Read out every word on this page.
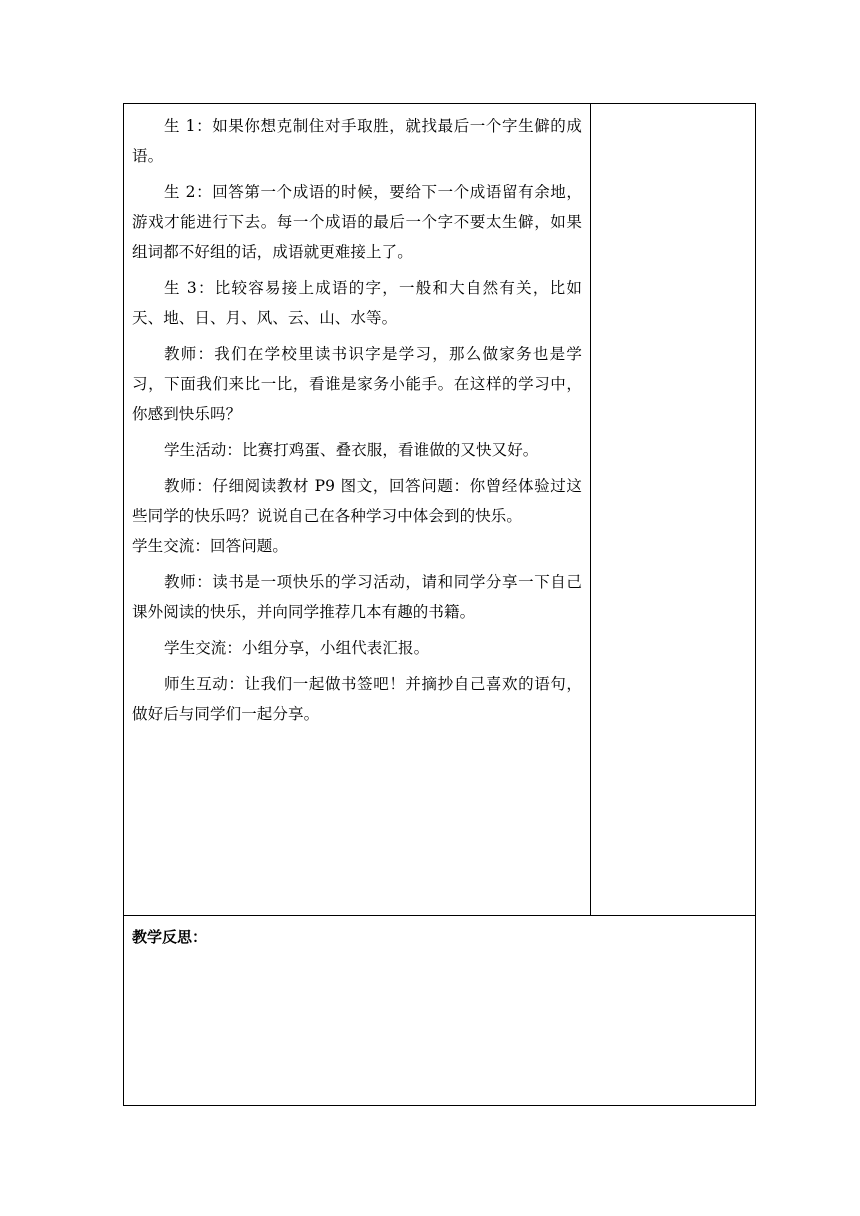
生 1：如果你想克制住对手取胜，就找最后一个字生僻的成语。

生 2：回答第一个成语的时候，要给下一个成语留有余地，游戏才能进行下去。每一个成语的最后一个字不要太生僻，如果组词都不好组的话，成语就更难接上了。

生 3：比较容易接上成语的字，一般和大自然有关，比如天、地、日、月、风、云、山、水等。

教师：我们在学校里读书识字是学习，那么做家务也是学习，下面我们来比一比，看谁是家务小能手。在这样的学习中，你感到快乐吗？

学生活动：比赛打鸡蛋、叠衣服，看谁做的又快又好。

教师：仔细阅读教材 P9 图文，回答问题：你曾经体验过这些同学的快乐吗？说说自己在各种学习中体会到的快乐。

学生交流：回答问题。

教师：读书是一项快乐的学习活动，请和同学分享一下自己课外阅读的快乐，并向同学推荐几本有趣的书籍。

学生交流：小组分享，小组代表汇报。

师生互动：让我们一起做书签吧！并摘抄自己喜欢的语句，做好后与同学们一起分享。

教学反思：
